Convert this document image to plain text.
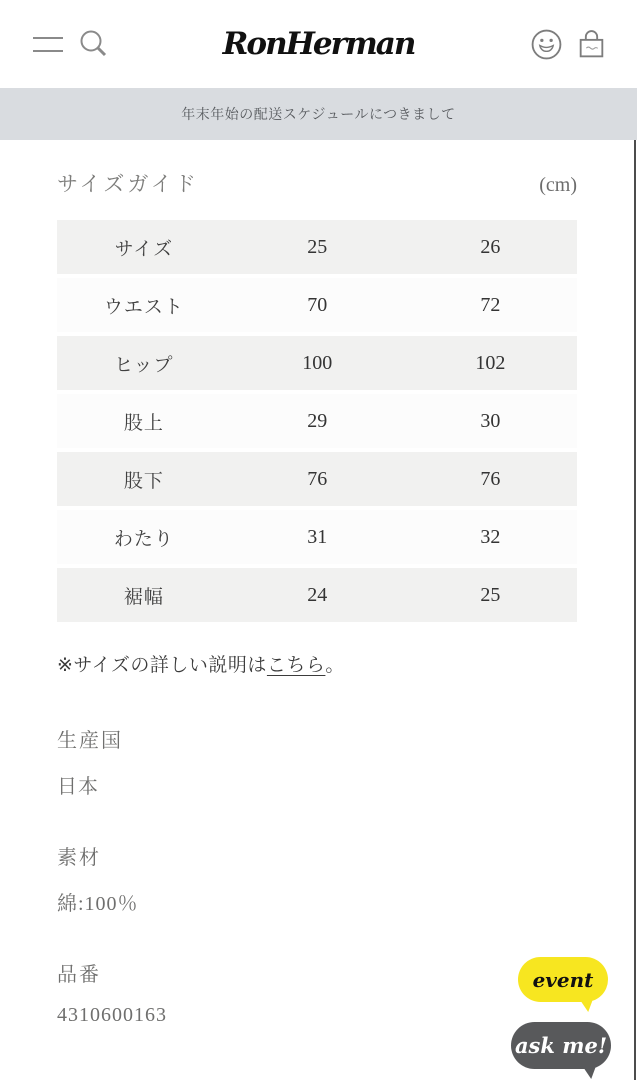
RonHerman
年末年始の配送スケジュールにつきまして
サイズガイド	(cm)
サイズ	25	26
ウエスト	70	72
ヒップ	100	102
股上	29	30
股下	76	76
わたり	31	32
裾幅	24	25

※サイズの詳しい説明はこちら。

生産国
日本
素材
綿:100％
品番
4310600163
event
ask me!
